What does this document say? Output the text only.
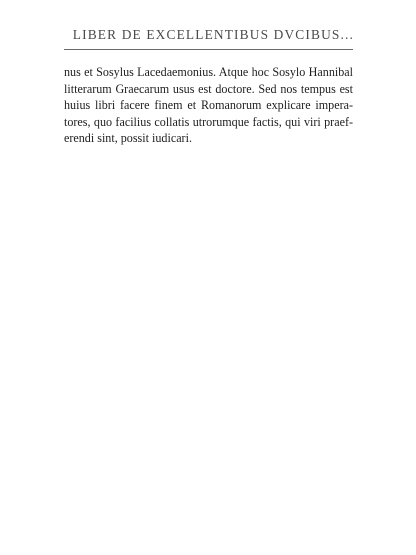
LIBER DE EXCELLENTIBUS DVCIBUS...
nus et Sosylus Lacedaemonius. Atque hoc Sosylo Hannibal
litterarum Graecarum usus est doctore. Sed nos tempus est
huius libri facere finem et Romanorum explicare impera-
tores, quo facilius collatis utrorumque factis, qui viri praef-
erendi sint, possit iudicari.
